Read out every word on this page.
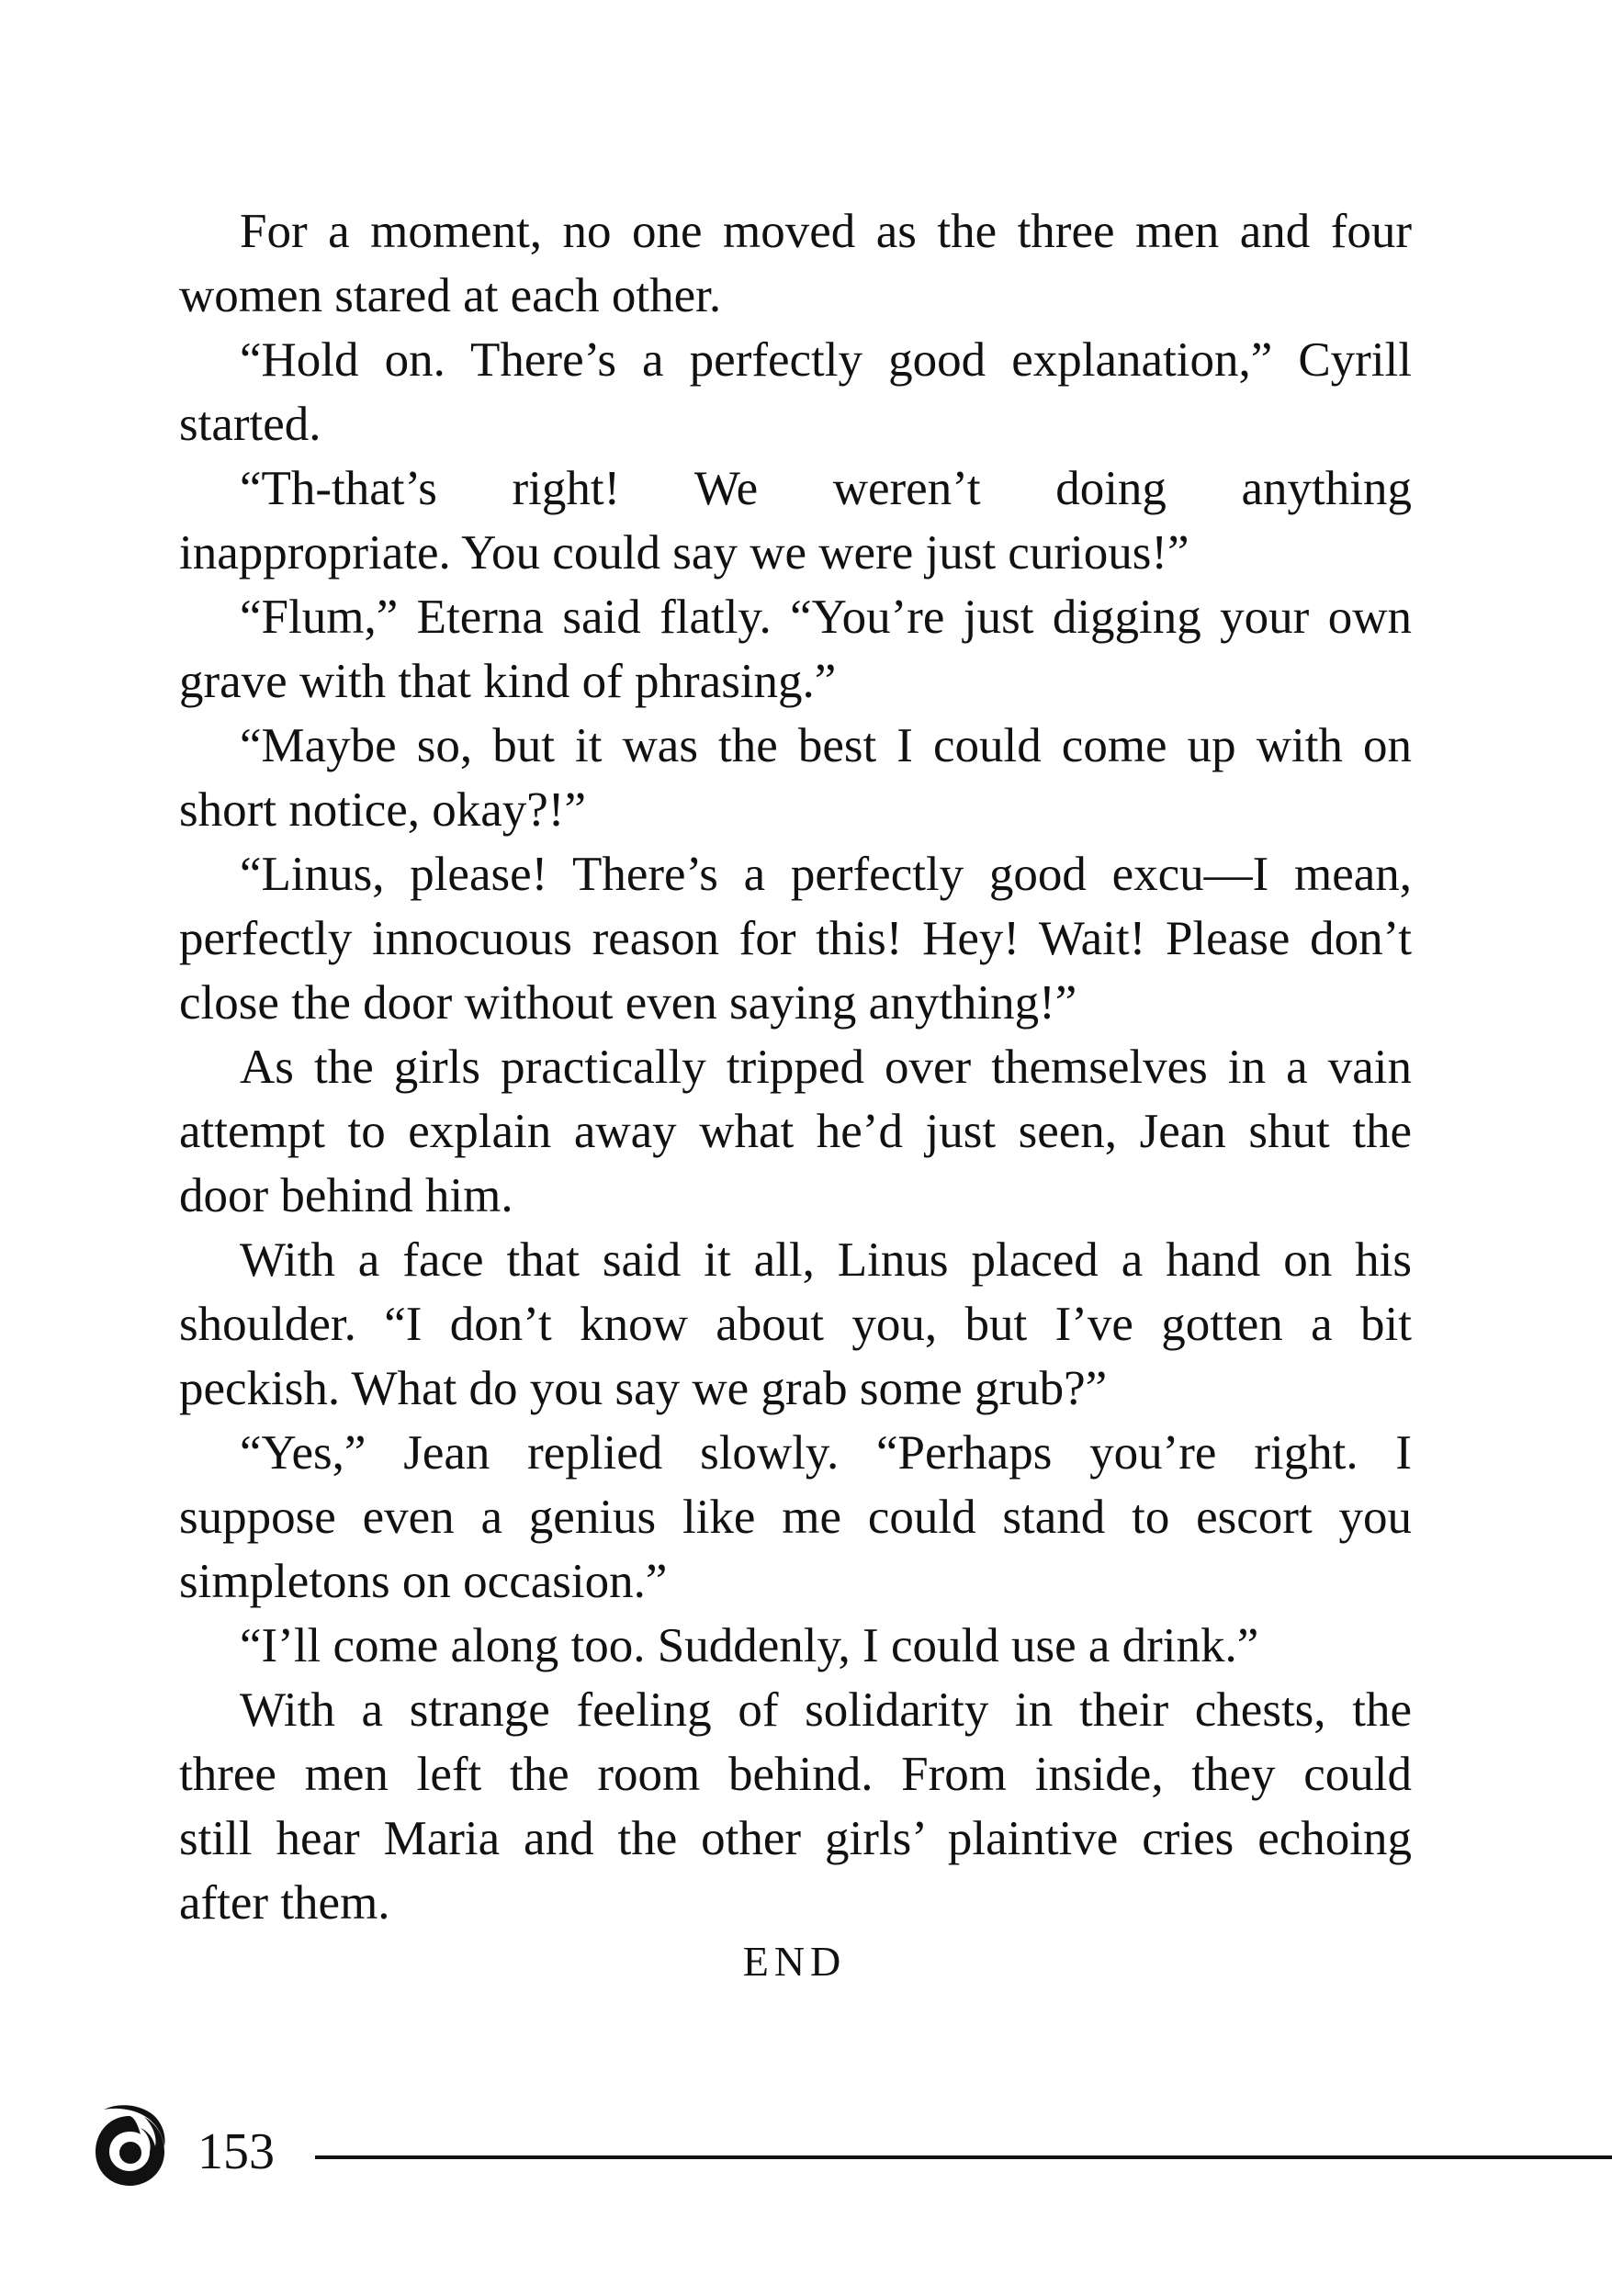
For a moment, no one moved as the three men and four
women stared at each other.
“Hold on. There’s a perfectly good explanation,” Cyrill
started.
“Th-that’s right! We weren’t doing anything
inappropriate. You could say we were just curious!”
“Flum,” Eterna said flatly. “You’re just digging your own
grave with that kind of phrasing.”
“Maybe so, but it was the best I could come up with on
short notice, okay?!”
“Linus, please! There’s a perfectly good excu—I mean,
perfectly innocuous reason for this! Hey! Wait! Please don’t
close the door without even saying anything!”
As the girls practically tripped over themselves in a vain
attempt to explain away what he’d just seen, Jean shut the
door behind him.
With a face that said it all, Linus placed a hand on his
shoulder. “I don’t know about you, but I’ve gotten a bit
peckish. What do you say we grab some grub?”
“Yes,” Jean replied slowly. “Perhaps you’re right. I
suppose even a genius like me could stand to escort you
simpletons on occasion.”
“I’ll come along too. Suddenly, I could use a drink.”
With a strange feeling of solidarity in their chests, the
three men left the room behind. From inside, they could
still hear Maria and the other girls’ plaintive cries echoing
after them.
END
153
